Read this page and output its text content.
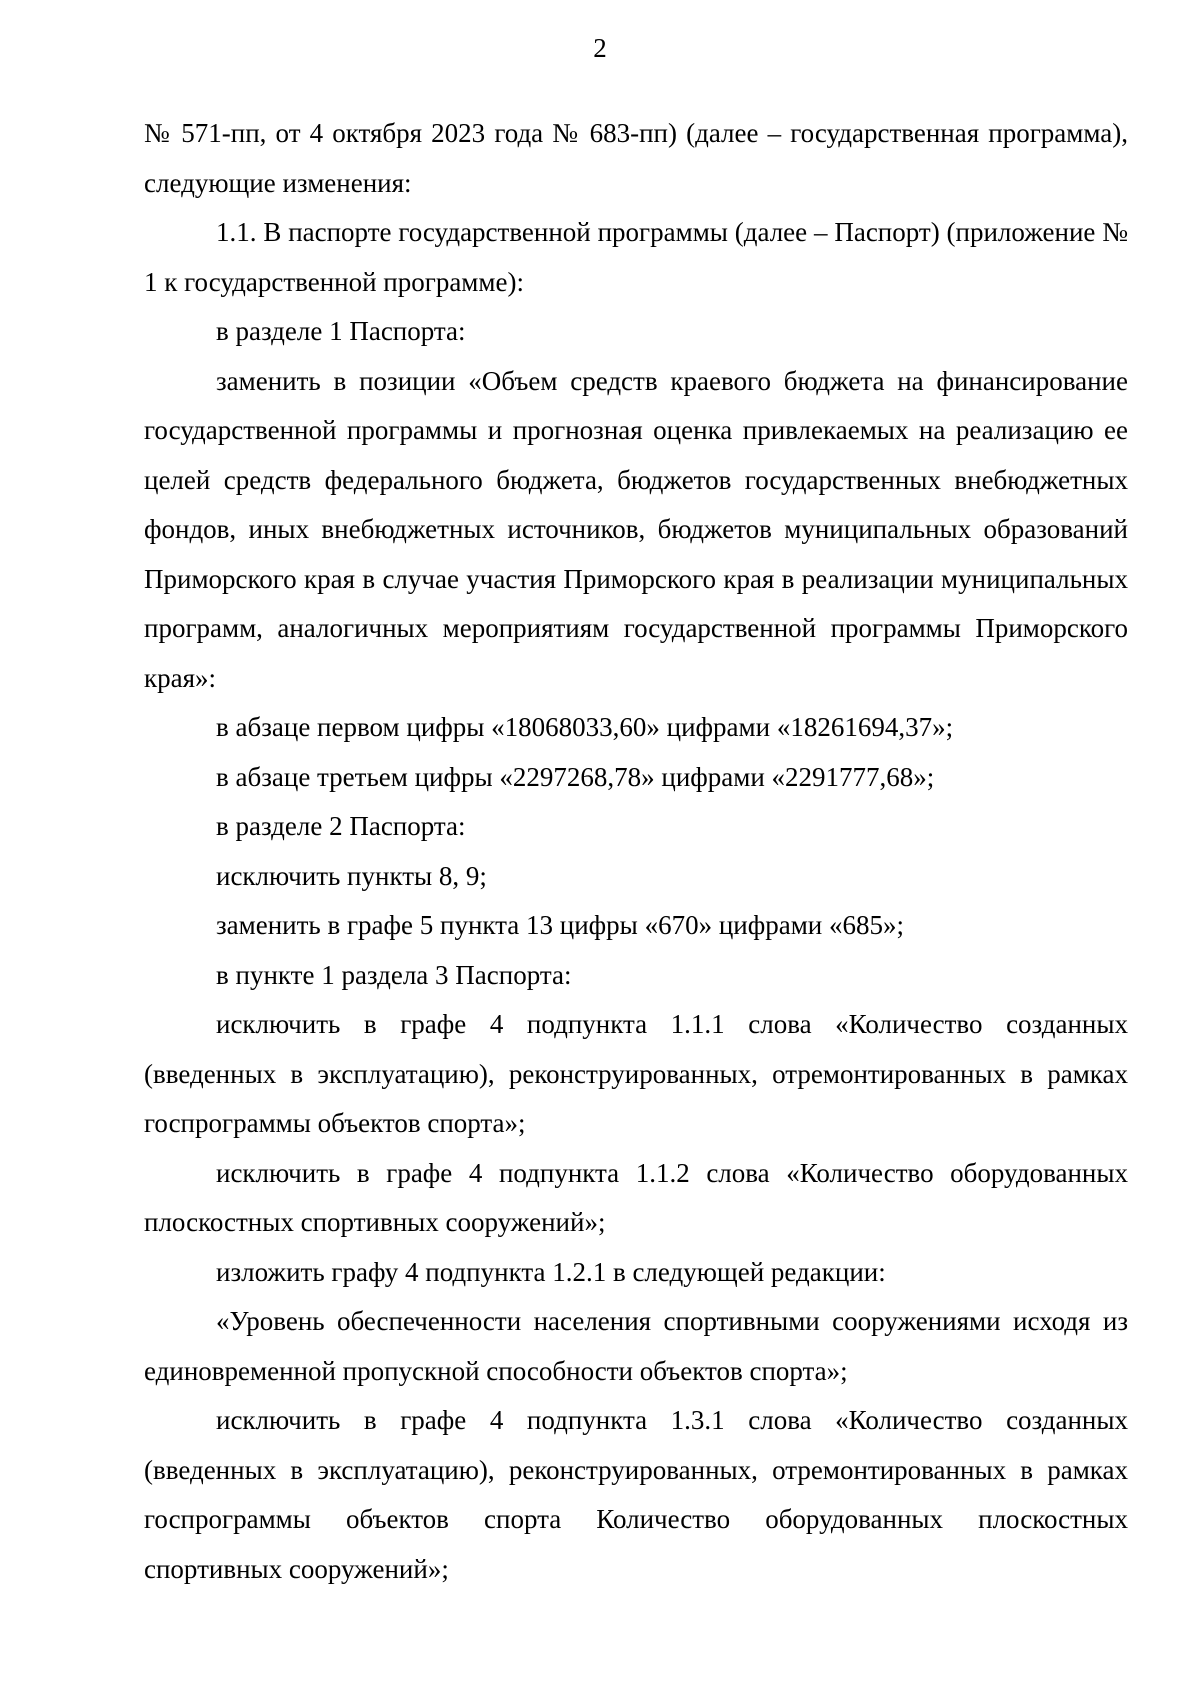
2

№ 571-пп, от 4 октября 2023 года № 683-пп) (далее – государственная программа), следующие изменения:

1.1. В паспорте государственной программы (далее – Паспорт) (приложение № 1 к государственной программе):

в разделе 1 Паспорта:

заменить в позиции «Объем средств краевого бюджета на финансирование государственной программы и прогнозная оценка привлекаемых на реализацию ее целей средств федерального бюджета, бюджетов государственных внебюджетных фондов, иных внебюджетных источников, бюджетов муниципальных образований Приморского края в случае участия Приморского края в реализации муниципальных программ, аналогичных мероприятиям государственной программы Приморского края»:

в абзаце первом цифры «18068033,60» цифрами «18261694,37»;

в абзаце третьем цифры «2297268,78» цифрами «2291777,68»;

в разделе 2 Паспорта:

исключить пункты 8, 9;

заменить в графе 5 пункта 13 цифры «670» цифрами «685»;

в пункте 1 раздела 3 Паспорта:

исключить в графе 4 подпункта 1.1.1 слова «Количество созданных (введенных в эксплуатацию), реконструированных, отремонтированных в рамках госпрограммы объектов спорта»;

исключить в графе 4 подпункта 1.1.2 слова «Количество оборудованных плоскостных спортивных сооружений»;

изложить графу 4 подпункта 1.2.1 в следующей редакции:

«Уровень обеспеченности населения спортивными сооружениями исходя из единовременной пропускной способности объектов спорта»;

исключить в графе 4 подпункта 1.3.1 слова «Количество созданных (введенных в эксплуатацию), реконструированных, отремонтированных в рамках госпрограммы объектов спорта Количество оборудованных плоскостных спортивных сооружений»;
